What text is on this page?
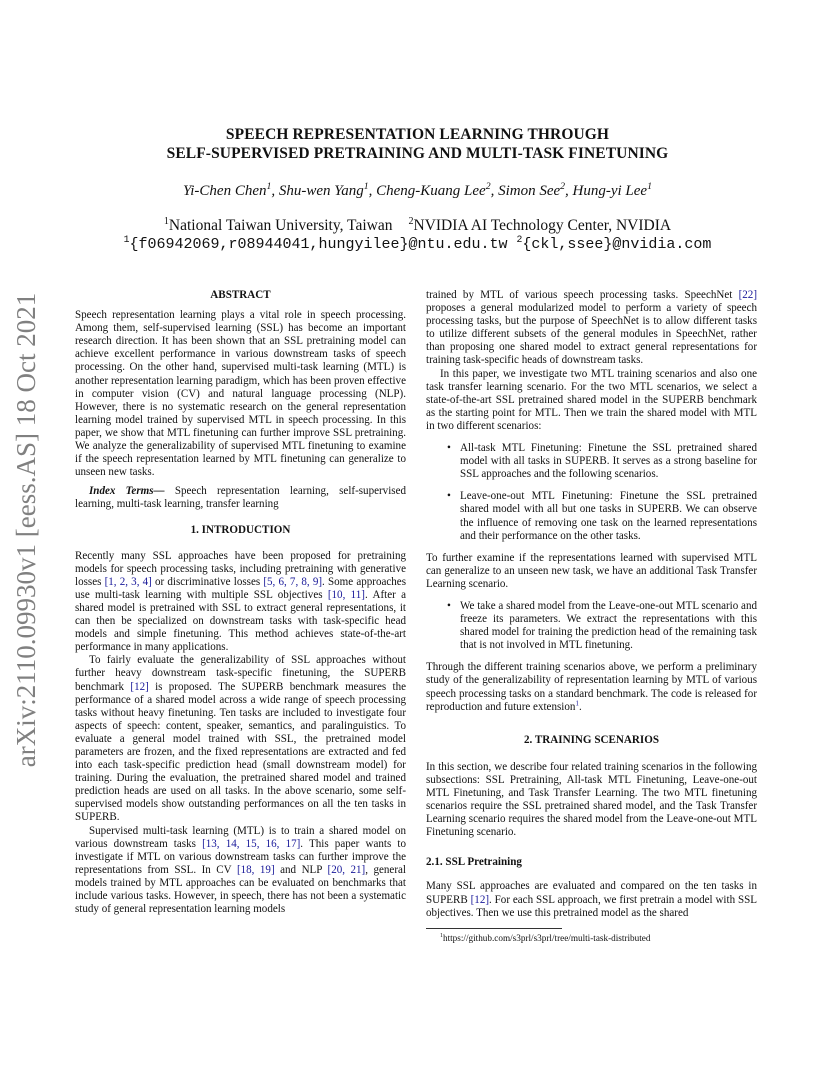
arXiv:2110.09930v1 [eess.AS] 18 Oct 2021
SPEECH REPRESENTATION LEARNING THROUGH
SELF-SUPERVISED PRETRAINING AND MULTI-TASK FINETUNING
Yi-Chen Chen$^1$, Shu-wen Yang$^1$, Cheng-Kuang Lee$^2$, Simon See$^2$, Hung-yi Lee$^1$
$^1$National Taiwan University, Taiwan $^2$NVIDIA AI Technology Center, NVIDIA
$^1${f06942069,r08944041,hungyilee}@ntu.edu.tw $^2${ckl,ssee}@nvidia.com
ABSTRACT

Speech representation learning plays a vital role in speech processing. Among them, self-supervised learning (SSL) has become an important research direction. It has been shown that an SSL pretraining model can achieve excellent performance in various downstream tasks of speech processing. On the other hand, supervised multi-task learning (MTL) is another representation learning paradigm, which has been proven effective in computer vision (CV) and natural language processing (NLP). However, there is no systematic research on the general representation learning model trained by supervised MTL in speech processing. In this paper, we show that MTL finetuning can further improve SSL pretraining. We analyze the generalizability of supervised MTL finetuning to examine if the speech representation learned by MTL finetuning can generalize to unseen new tasks.

Index Terms— Speech representation learning, self-supervised learning, multi-task learning, transfer learning

1. INTRODUCTION

Recently many SSL approaches have been proposed for pretraining models for speech processing tasks, including pretraining with generative losses [1, 2, 3, 4] or discriminative losses [5, 6, 7, 8, 9]. Some approaches use multi-task learning with multiple SSL objectives [10, 11]. After a shared model is pretrained with SSL to extract general representations, it can then be specialized on downstream tasks with task-specific head models and simple finetuning. This method achieves state-of-the-art performance in many applications.

To fairly evaluate the generalizability of SSL approaches without further heavy downstream task-specific finetuning, the SUPERB benchmark [12] is proposed. The SUPERB benchmark measures the performance of a shared model across a wide range of speech processing tasks without heavy finetuning. Ten tasks are included to investigate four aspects of speech: content, speaker, semantics, and paralinguistics. To evaluate a general model trained with SSL, the pretrained model parameters are frozen, and the fixed representations are extracted and fed into each task-specific prediction head (small downstream model) for training. During the evaluation, the pretrained shared model and trained prediction heads are used on all tasks. In the above scenario, some self-supervised models show outstanding performances on all the ten tasks in SUPERB.

Supervised multi-task learning (MTL) is to train a shared model on various downstream tasks [13, 14, 15, 16, 17]. This paper wants to investigate if MTL on various downstream tasks can further improve the representations from SSL. In CV [18, 19] and NLP [20, 21], general models trained by MTL approaches can be evaluated on benchmarks that include various tasks. However, in speech, there has not been a systematic study of general representation learning models

trained by MTL of various speech processing tasks. SpeechNet [22] proposes a general modularized model to perform a variety of speech processing tasks, but the purpose of SpeechNet is to allow different tasks to utilize different subsets of the general modules in SpeechNet, rather than proposing one shared model to extract general representations for training task-specific heads of downstream tasks.

In this paper, we investigate two MTL training scenarios and also one task transfer learning scenario. For the two MTL scenarios, we select a state-of-the-art SSL pretrained shared model in the SUPERB benchmark as the starting point for MTL. Then we train the shared model with MTL in two different scenarios:

• All-task MTL Finetuning: Finetune the SSL pretrained shared model with all tasks in SUPERB. It serves as a strong baseline for SSL approaches and the following scenarios.
• Leave-one-out MTL Finetuning: Finetune the SSL pretrained shared model with all but one tasks in SUPERB. We can observe the influence of removing one task on the learned representations and their performance on the other tasks.

To further examine if the representations learned with supervised MTL can generalize to an unseen new task, we have an additional Task Transfer Learning scenario.

• We take a shared model from the Leave-one-out MTL scenario and freeze its parameters. We extract the representations with this shared model for training the prediction head of the remaining task that is not involved in MTL finetuning.

Through the different training scenarios above, we perform a preliminary study of the generalizability of representation learning by MTL of various speech processing tasks on a standard benchmark. The code is released for reproduction and future extension$^1$.

2. TRAINING SCENARIOS

In this section, we describe four related training scenarios in the following subsections: SSL Pretraining, All-task MTL Finetuning, Leave-one-out MTL Finetuning, and Task Transfer Learning. The two MTL finetuning scenarios require the SSL pretrained shared model, and the Task Transfer Learning scenario requires the shared model from the Leave-one-out MTL Finetuning scenario.

2.1. SSL Pretraining

Many SSL approaches are evaluated and compared on the ten tasks in SUPERB [12]. For each SSL approach, we first pretrain a model with SSL objectives. Then we use this pretrained model as the shared

$^1$https://github.com/s3prl/s3prl/tree/multi-task-distributed
